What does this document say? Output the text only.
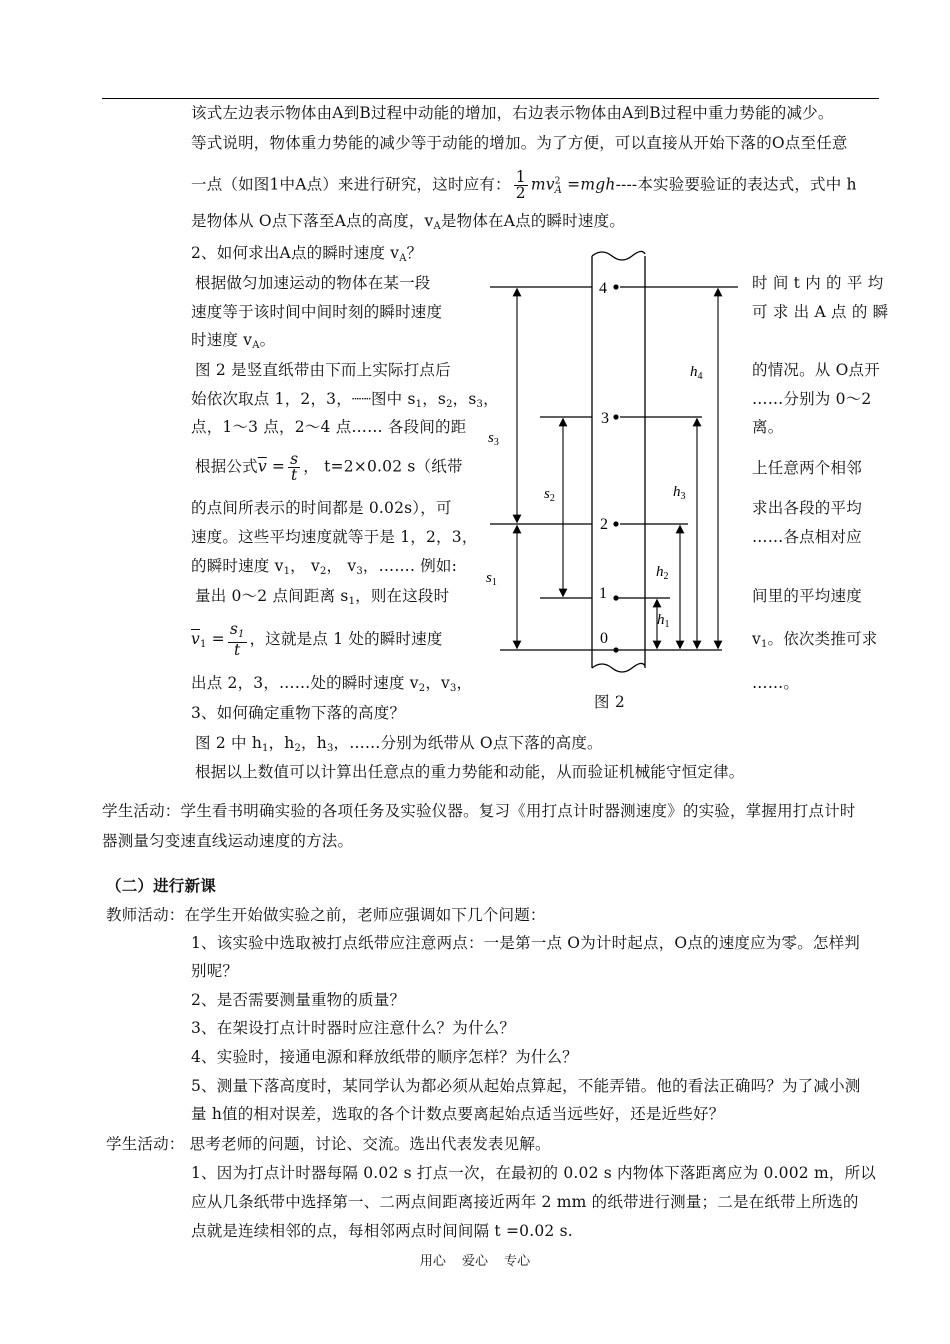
该式左边表示物体由A到B过程中动能的增加，右边表示物体由A到B过程中重力势能的减少。
等式说明，物体重力势能的减少等于动能的增加。为了方便，可以直接从开始下落的O点至任意
一点（如图1中A点）来进行研究，这时应有： $\frac{1}{2} mv^2_A =mgh----$本实验要验证的表达式，式中 h
是物体从 O点下落至A点的高度，$v_A$是物体在A点的瞬时速度。
2、如何求出A点的瞬时速度 $v_A$？
根据做匀加速运动的物体在某一段
速度等于该时间中间时刻的瞬时速度
时速度 $v_A$。
图 2 是竖直纸带由下而上实际打点后
始依次取点 1，2，3，┈┈图中 $s_1$，$s_2$，$s_3$，
点，1～3 点，2～4 点…… 各段间的距
根据公式$\overline{v} = \frac{s}{t}$ ， t=2×0.02 s（纸带
的点间所表示的时间都是 0.02s），可
速度。这些平均速度就等于是 1，2，3，
的瞬时速度 $v_1$， $v_2$， $v_3$，……. 例如:
量出 0～2 点间距离 $s_1$，则在这段时
$\overline{v}_1 = \frac{s_1}{t}$ ，这就是点 1 处的瞬时速度
出点 2，3，……处的瞬时速度 $v_2$，$v_3$，
时 间 t 内 的 平 均
可 求 出 A 点 的 瞬
的情况。从 O点开
……分别为 0～2
离。
上任意两个相邻
求出各段的平均
……各点相对应
间里的平均速度
$v_1$。依次类推可求
……。
4
3
2
1
0
$s_3$
$s_2$
$s_1$
$h_4$
$h_3$
$h_2$
$h_1$
图 2
3、如何确定重物下落的高度？
图 2 中 $h_1$，$h_2$，$h_3$，……分别为纸带从 O点下落的高度。
根据以上数值可以计算出任意点的重力势能和动能，从而验证机械能守恒定律。
学生活动：学生看书明确实验的各项任务及实验仪器。复习《用打点计时器测速度》的实验，掌握用打点计时
器测量匀变速直线运动速度的方法。
（二）进行新课
教师活动：在学生开始做实验之前，老师应强调如下几个问题：
1、该实验中选取被打点纸带应注意两点：一是第一点 O为计时起点，O点的速度应为零。怎样判
别呢？
2、是否需要测量重物的质量？
3、在架设打点计时器时应注意什么？为什么？
4、实验时，接通电源和释放纸带的顺序怎样？为什么？
5、测量下落高度时，某同学认为都必须从起始点算起，不能弄错。他的看法正确吗？为了减小测
量 h值的相对误差，选取的各个计数点要离起始点适当远些好，还是近些好？
学生活动： 思考老师的问题，讨论、交流。选出代表发表见解。
1、因为打点计时器每隔 0.02 s 打点一次，在最初的 0.02 s 内物体下落距离应为 0.002 m，所以
应从几条纸带中选择第一、二两点间距离接近两年 2 mm 的纸带进行测量；二是在纸带上所选的
点就是连续相邻的点，每相邻两点时间间隔 t =0.02 s.
用心 爱心 专心
